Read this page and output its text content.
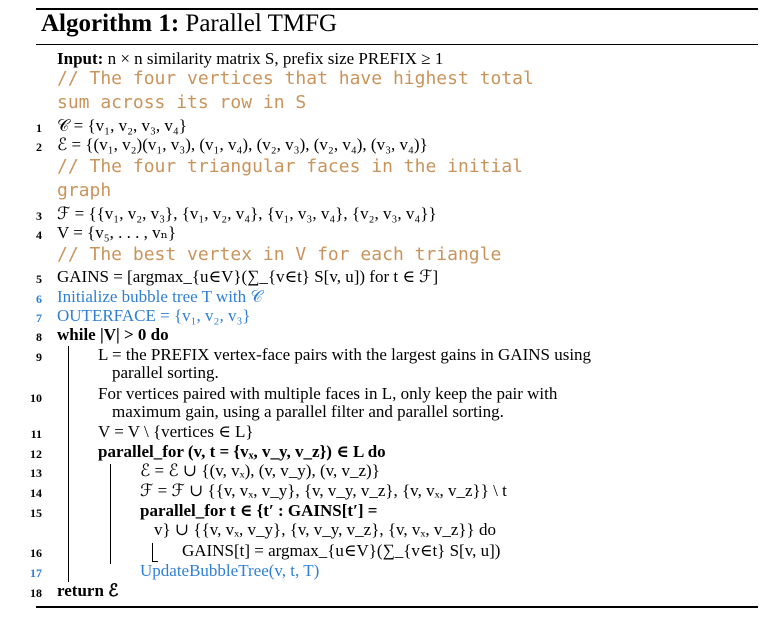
Algorithm 1: Parallel TMFG
Input: n × n similarity matrix S, prefix size PREFIX ≥ 1
// The four vertices that have highest total
sum across its row in S
1 𝒞 = {v₁, v₂, v₃, v₄}
2 ℰ = {(v₁, v₂)(v₁, v₃), (v₁, v₄), (v₂, v₃), (v₂, v₄), (v₃, v₄)}
// The four triangular faces in the initial
graph
3 ℱ = {{v₁, v₂, v₃}, {v₁, v₂, v₄}, {v₁, v₃, v₄}, {v₂, v₃, v₄}}
4 V = {v₅, . . . , vₙ}
// The best vertex in V for each triangle
5 GAINS = [argmax_{u∈V}(∑_{v∈t} S[v, u]) for t ∈ ℱ]
6 Initialize bubble tree T with 𝒞
7 OUTERFACE = {v₁, v₂, v₃}
8 while |V| > 0 do
9	L = the PREFIX vertex-face pairs with the largest gains in GAINS using
parallel sorting.
10	For vertices paired with multiple faces in L, only keep the pair with
maximum gain, using a parallel filter and parallel sorting.
11	V = V \ {vertices ∈ L}
12	parallel_for (v, t = {vₓ, v_y, v_z}) ∈ L do
13	ℰ = ℰ ∪ {(v, vₓ), (v, v_y), (v, v_z)}
14	ℱ = ℱ ∪ {{v, vₓ, v_y}, {v, v_y, v_z}, {v, vₓ, v_z}} \ t
15	parallel_for t ∈ {t′ : GAINS[t′] =
v} ∪ {{v, vₓ, v_y}, {v, v_y, v_z}, {v, vₓ, v_z}} do
16	GAINS[t] = argmax_{u∈V}(∑_{v∈t} S[v, u])
17	UpdateBubbleTree(v, t, T)
18 return ℰ
